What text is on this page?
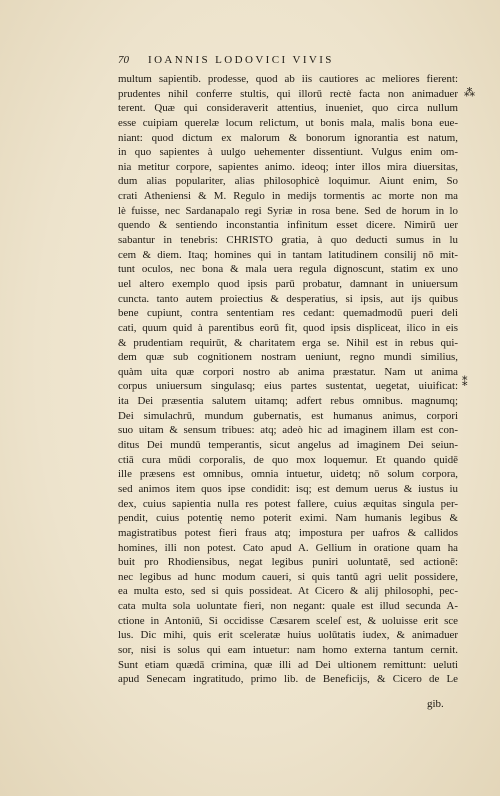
70 IOANNIS LODOVICI VIVIS
⁂
⁑
multum sapientib. prodesse, quod ab iis cautiores ac meliores fierent:
prudentes nihil conferre stultis, qui illorū rectè facta non animaduer
terent. Quæ qui consideraverit attentius, inueniet, quo circa nullum
esse cuipiam querelæ locum relictum, ut bonis mala, malis bona eue-
niant: quod dictum ex malorum & bonorum ignorantia est natum,
in quo sapientes à uulgo uehementer dissentiunt. Vulgus enim om-
nia metitur corpore, sapientes animo. ideoq; inter illos mira diuersitas,
dum alias populariter, alias philosophicè loquimur. Aiunt enim, So
crati Atheniensi & M. Regulo in medijs tormentis ac morte non ma
lè fuisse, nec Sardanapalo regi Syriæ in rosa bene. Sed de horum in lo
quendo & sentiendo inconstantia infinitum esset dicere. Nimirū uer
sabantur in tenebris: CHRISTO gratia, à quo deducti sumus in lu
cem & diem. Itaq; homines qui in tantam latitudinem consilij nō mit-
tunt oculos, nec bona & mala uera regula dignoscunt, statim ex uno
uel altero exemplo quod ipsis parū probatur, damnant in uniuersum
cuncta. tanto autem proiectius & desperatius, si ipsis, aut ijs quibus
bene cupiunt, contra sententiam res cedant: quemadmodū pueri deli
cati, quum quid à parentibus eorū fit, quod ipsis displiceat, ilico in eis
& prudentiam requirūt, & charitatem erga se. Nihil est in rebus qui-
dem quæ sub cognitionem nostram ueniunt, regno mundi similius,
quàm uita quæ corpori nostro ab anima præstatur. Nam ut anima
corpus uniuersum singulasq; eius partes sustentat, uegetat, uiuificat:
ita Dei præsentia salutem uitamq; adfert rebus omnibus. magnumq;
Dei simulachrū, mundum gubernatis, est humanus animus, corpori
suo uitam & sensum tribues: atq; adeò hic ad imaginem illam est con-
ditus Dei mundū temperantis, sicut angelus ad imaginem Dei seiun-
ctiā cura mūdi corporalis, de quo mox loquemur. Et quando quidē
ille præsens est omnibus, omnia intuetur, uidetq; nō solum corpora,
sed animos item quos ipse condidit: isq; est demum uerus & iustus iu
dex, cuius sapientia nulla res potest fallere, cuius æquitas singula per-
pendit, cuius potentię nemo poterit eximi. Nam humanis legibus &
magistratibus potest fieri fraus atq; impostura per uafros & callidos
homines, illi non potest. Cato apud A. Gellium in oratione quam ha
buit pro Rhodiensibus, negat legibus puniri uoluntatē, sed actionē:
nec legibus ad hunc modum caueri, si quis tantū agri uelit possidere,
ea multa esto, sed si quis possideat. At Cicero & alij philosophi, pec-
cata multa sola uoluntate fieri, non negant: quale est illud secunda A-
ctione in Antoniū, Si occidisse Cæsarem sceleſ est, & uoluisse erit sce
lus. Dic mihi, quis erit sceleratæ huius uolūtatis iudex, & animaduer
sor, nisi is solus qui eam intuetur: nam homo externa tantum cernit.
Sunt etiam quædā crimina, quæ illi ad Dei ultionem remittunt: ueluti
apud Senecam ingratitudo, primo lib. de Beneficijs, & Cicero de Le
gib.
